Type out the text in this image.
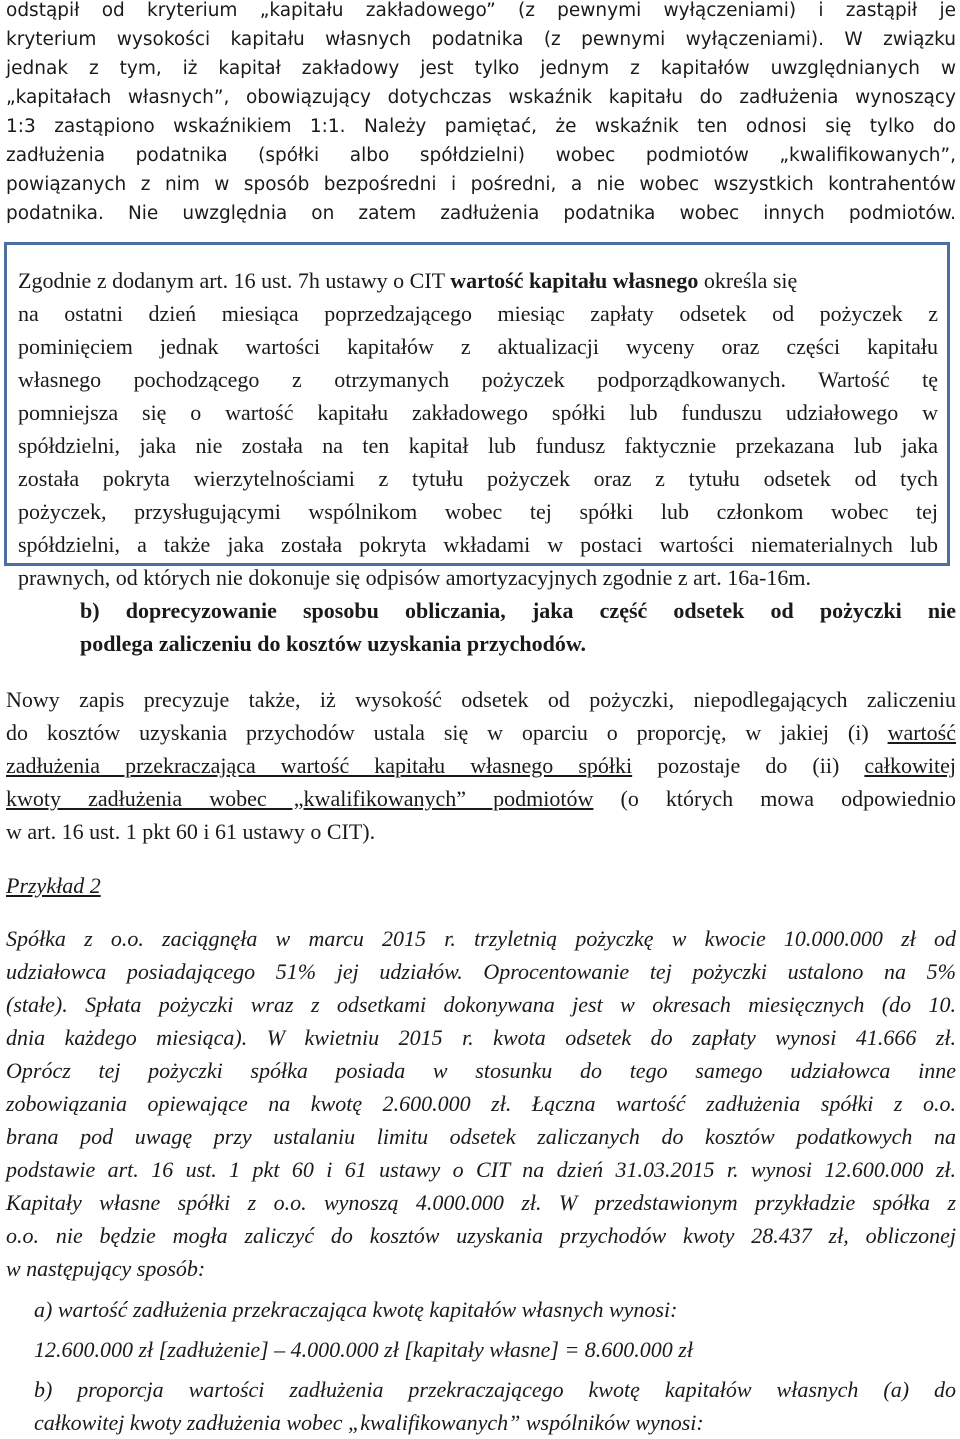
odstąpił od kryterium „kapitału zakładowego” (z pewnymi wyłączeniami) i zastąpił je
kryterium wysokości kapitału własnych podatnika (z pewnymi wyłączeniami). W związku
jednak z tym, iż kapitał zakładowy jest tylko jednym z kapitałów uwzględnianych w
„kapitałach własnych”, obowiązujący dotychczas wskaźnik kapitału do zadłużenia wynoszący
1:3 zastąpiono wskaźnikiem 1:1. Należy pamiętać, że wskaźnik ten odnosi się tylko do
zadłużenia podatnika (spółki albo spółdzielni) wobec podmiotów „kwalifikowanych”,
powiązanych z nim w sposób bezpośredni i pośredni, a nie wobec wszystkich kontrahentów
podatnika. Nie uwzględnia on zatem zadłużenia podatnika wobec innych podmiotów.
Zgodnie z dodanym art. 16 ust. 7h ustawy o CIT wartość kapitału własnego określa się
na ostatni dzień miesiąca poprzedzającego miesiąc zapłaty odsetek od pożyczek z
pominięciem jednak wartości kapitałów z aktualizacji wyceny oraz części kapitału
własnego pochodzącego z otrzymanych pożyczek podporządkowanych. Wartość tę
pomniejsza się o wartość kapitału zakładowego spółki lub funduszu udziałowego w
spółdzielni, jaka nie została na ten kapitał lub fundusz faktycznie przekazana lub jaka
została pokryta wierzytelnościami z tytułu pożyczek oraz z tytułu odsetek od tych
pożyczek, przysługującymi wspólnikom wobec tej spółki lub członkom wobec tej
spółdzielni, a także jaka została pokryta wkładami w postaci wartości niematerialnych lub
prawnych, od których nie dokonuje się odpisów amortyzacyjnych zgodnie z art. 16a-16m.
b) doprecyzowanie sposobu obliczania, jaka część odsetek od pożyczki nie
podlega zaliczeniu do kosztów uzyskania przychodów.
Nowy zapis precyzuje także, iż wysokość odsetek od pożyczki, niepodlegających zaliczeniu
do kosztów uzyskania przychodów ustala się w oparciu o proporcję, w jakiej (i) wartość
zadłużenia przekraczająca wartość kapitału własnego spółki pozostaje do (ii) całkowitej
kwoty zadłużenia wobec „kwalifikowanych” podmiotów (o których mowa odpowiednio
w art. 16 ust. 1 pkt 60 i 61 ustawy o CIT).
Przykład 2
Spółka z o.o. zaciągnęła w marcu 2015 r. trzyletnią pożyczkę w kwocie 10.000.000 zł od
udziałowca posiadającego 51% jej udziałów. Oprocentowanie tej pożyczki ustalono na 5%
(stałe). Spłata pożyczki wraz z odsetkami dokonywana jest w okresach miesięcznych (do 10.
dnia każdego miesiąca). W kwietniu 2015 r. kwota odsetek do zapłaty wynosi 41.666 zł.
Oprócz tej pożyczki spółka posiada w stosunku do tego samego udziałowca inne
zobowiązania opiewające na kwotę 2.600.000 zł. Łączna wartość zadłużenia spółki z o.o.
brana pod uwagę przy ustalaniu limitu odsetek zaliczanych do kosztów podatkowych na
podstawie art. 16 ust. 1 pkt 60 i 61 ustawy o CIT na dzień 31.03.2015 r. wynosi 12.600.000 zł.
Kapitały własne spółki z o.o. wynoszą 4.000.000 zł. W przedstawionym przykładzie spółka z
o.o. nie będzie mogła zaliczyć do kosztów uzyskania przychodów kwoty 28.437 zł, obliczonej
w następujący sposób:
a) wartość zadłużenia przekraczająca kwotę kapitałów własnych wynosi:
12.600.000 zł [zadłużenie] – 4.000.000 zł [kapitały własne] = 8.600.000 zł
b) proporcja wartości zadłużenia przekraczającego kwotę kapitałów własnych (a) do
całkowitej kwoty zadłużenia wobec „kwalifikowanych” wspólników wynosi:
